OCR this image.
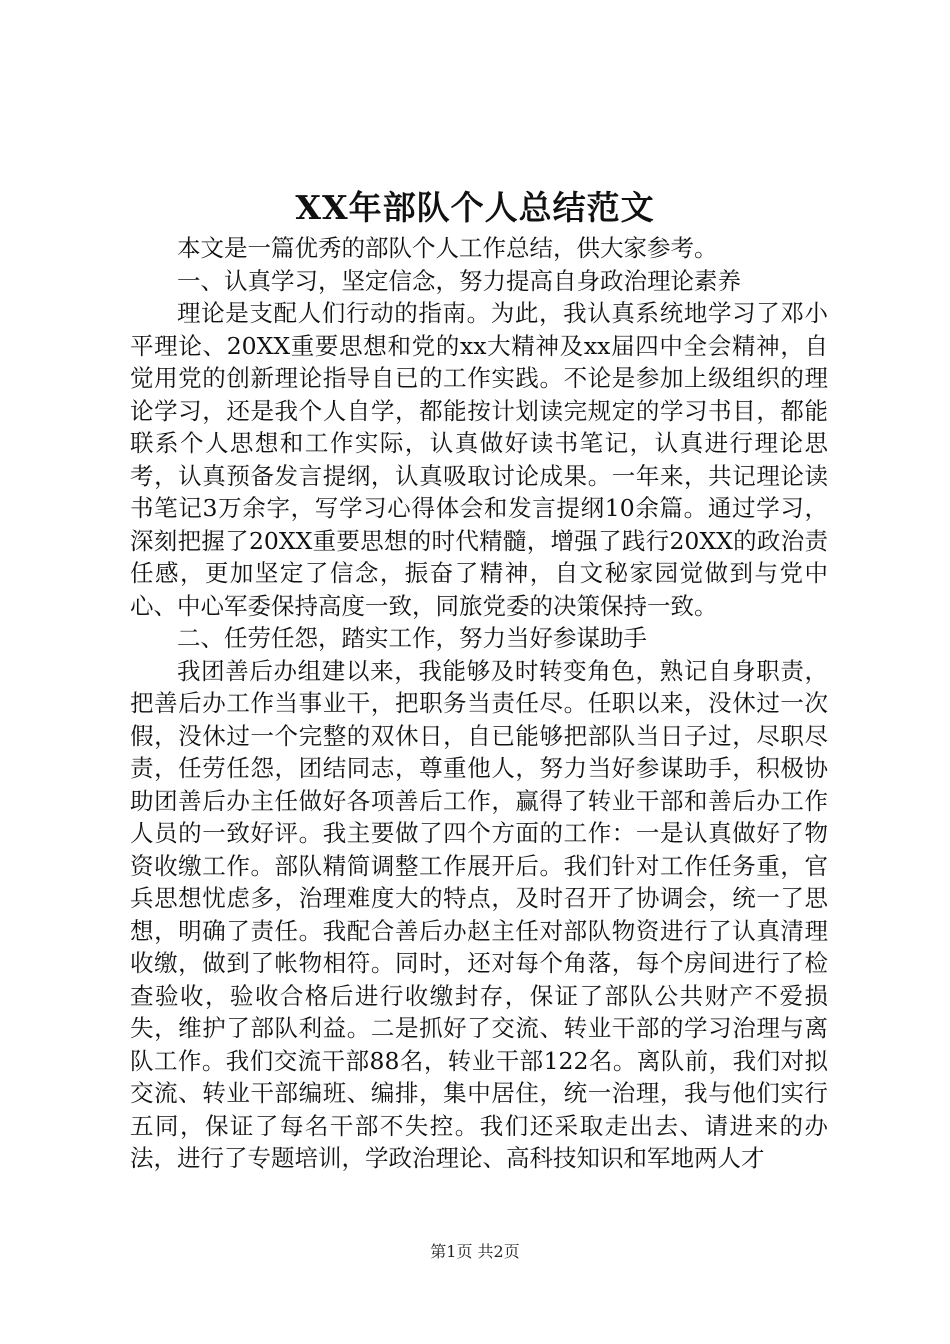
XX年部队个人总结范文

本文是一篇优秀的部队个人工作总结，供大家参考。

一、认真学习，坚定信念，努力提高自身政治理论素养

理论是支配人们行动的指南。为此，我认真系统地学习了邓小平理论、20XX重要思想和党的xx大精神及xx届四中全会精神，自觉用党的创新理论指导自已的工作实践。不论是参加上级组织的理论学习，还是我个人自学，都能按计划读完规定的学习书目，都能联系个人思想和工作实际，认真做好读书笔记，认真进行理论思考，认真预备发言提纲，认真吸取讨论成果。一年来，共记理论读书笔记3万余字，写学习心得体会和发言提纲10余篇。通过学习，深刻把握了20XX重要思想的时代精髓，增强了践行20XX的政治责任感，更加坚定了信念，振奋了精神，自文秘家园觉做到与党中心、中心军委保持高度一致，同旅党委的决策保持一致。

二、任劳任怨，踏实工作，努力当好参谋助手

我团善后办组建以来，我能够及时转变角色，熟记自身职责，把善后办工作当事业干，把职务当责任尽。任职以来，没休过一次假，没休过一个完整的双休日，自已能够把部队当日子过，尽职尽责，任劳任怨，团结同志，尊重他人，努力当好参谋助手，积极协助团善后办主任做好各项善后工作，赢得了转业干部和善后办工作人员的一致好评。我主要做了四个方面的工作：一是认真做好了物资收缴工作。部队精简调整工作展开后。我们针对工作任务重，官兵思想忧虑多，治理难度大的特点，及时召开了协调会，统一了思想，明确了责任。我配合善后办赵主任对部队物资进行了认真清理收缴，做到了帐物相符。同时，还对每个角落，每个房间进行了检查验收，验收合格后进行收缴封存，保证了部队公共财产不爱损失，维护了部队利益。二是抓好了交流、转业干部的学习治理与离队工作。我们交流干部88名，转业干部122名。离队前，我们对拟交流、转业干部编班、编排，集中居住，统一治理，我与他们实行五同，保证了每名干部不失控。我们还采取走出去、请进来的办法，进行了专题培训，学政治理论、高科技知识和军地两人才

第1页 共2页
